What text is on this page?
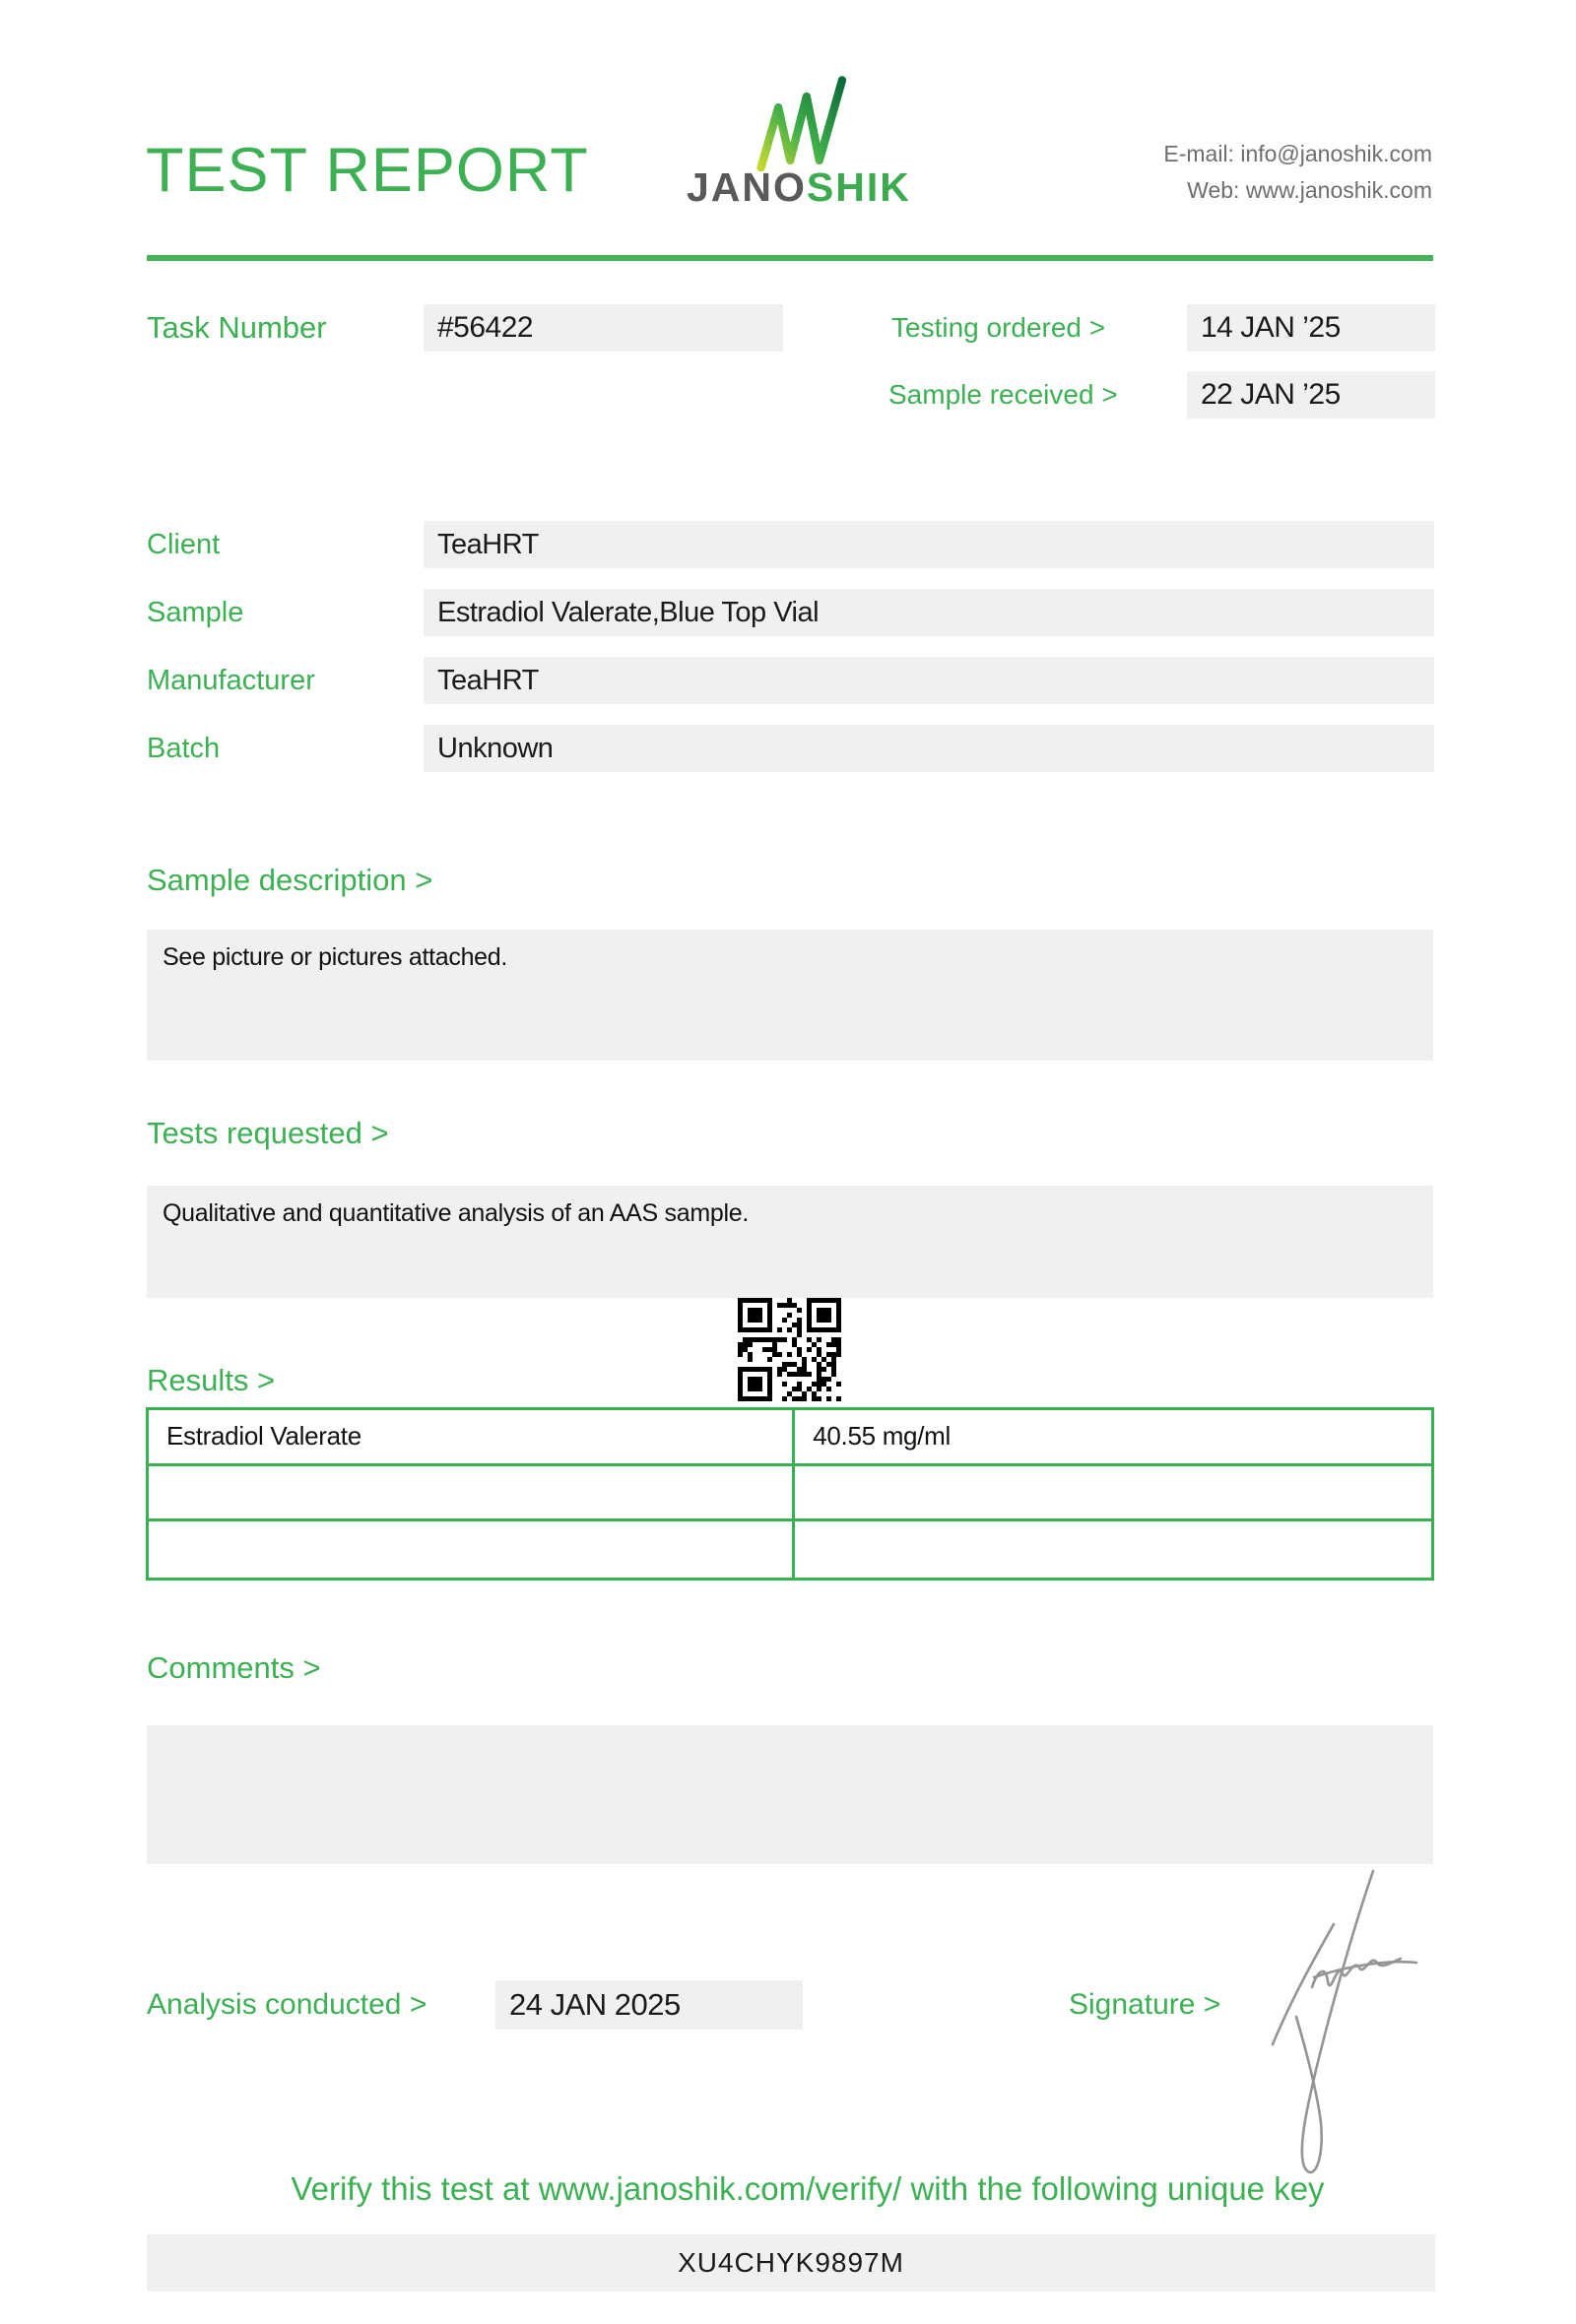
TEST REPORT JANOSHIK
E-mail: info@janoshik.com
Web: www.janoshik.com
Task Number	#56422	Testing ordered >	14 JAN ’25
Sample received >	22 JAN ’25
Client	TeaHRT
Sample	Estradiol Valerate,Blue Top Vial
Manufacturer	TeaHRT
Batch	Unknown
Sample description >
See picture or pictures attached.
Tests requested >
Qualitative and quantitative analysis of an AAS sample.
Results >
Estradiol Valerate	40.55 mg/ml
Comments >
Analysis conducted >	24 JAN 2025	Signature >
Verify this test at www.janoshik.com/verify/ with the following unique key
XU4CHYK9897M
